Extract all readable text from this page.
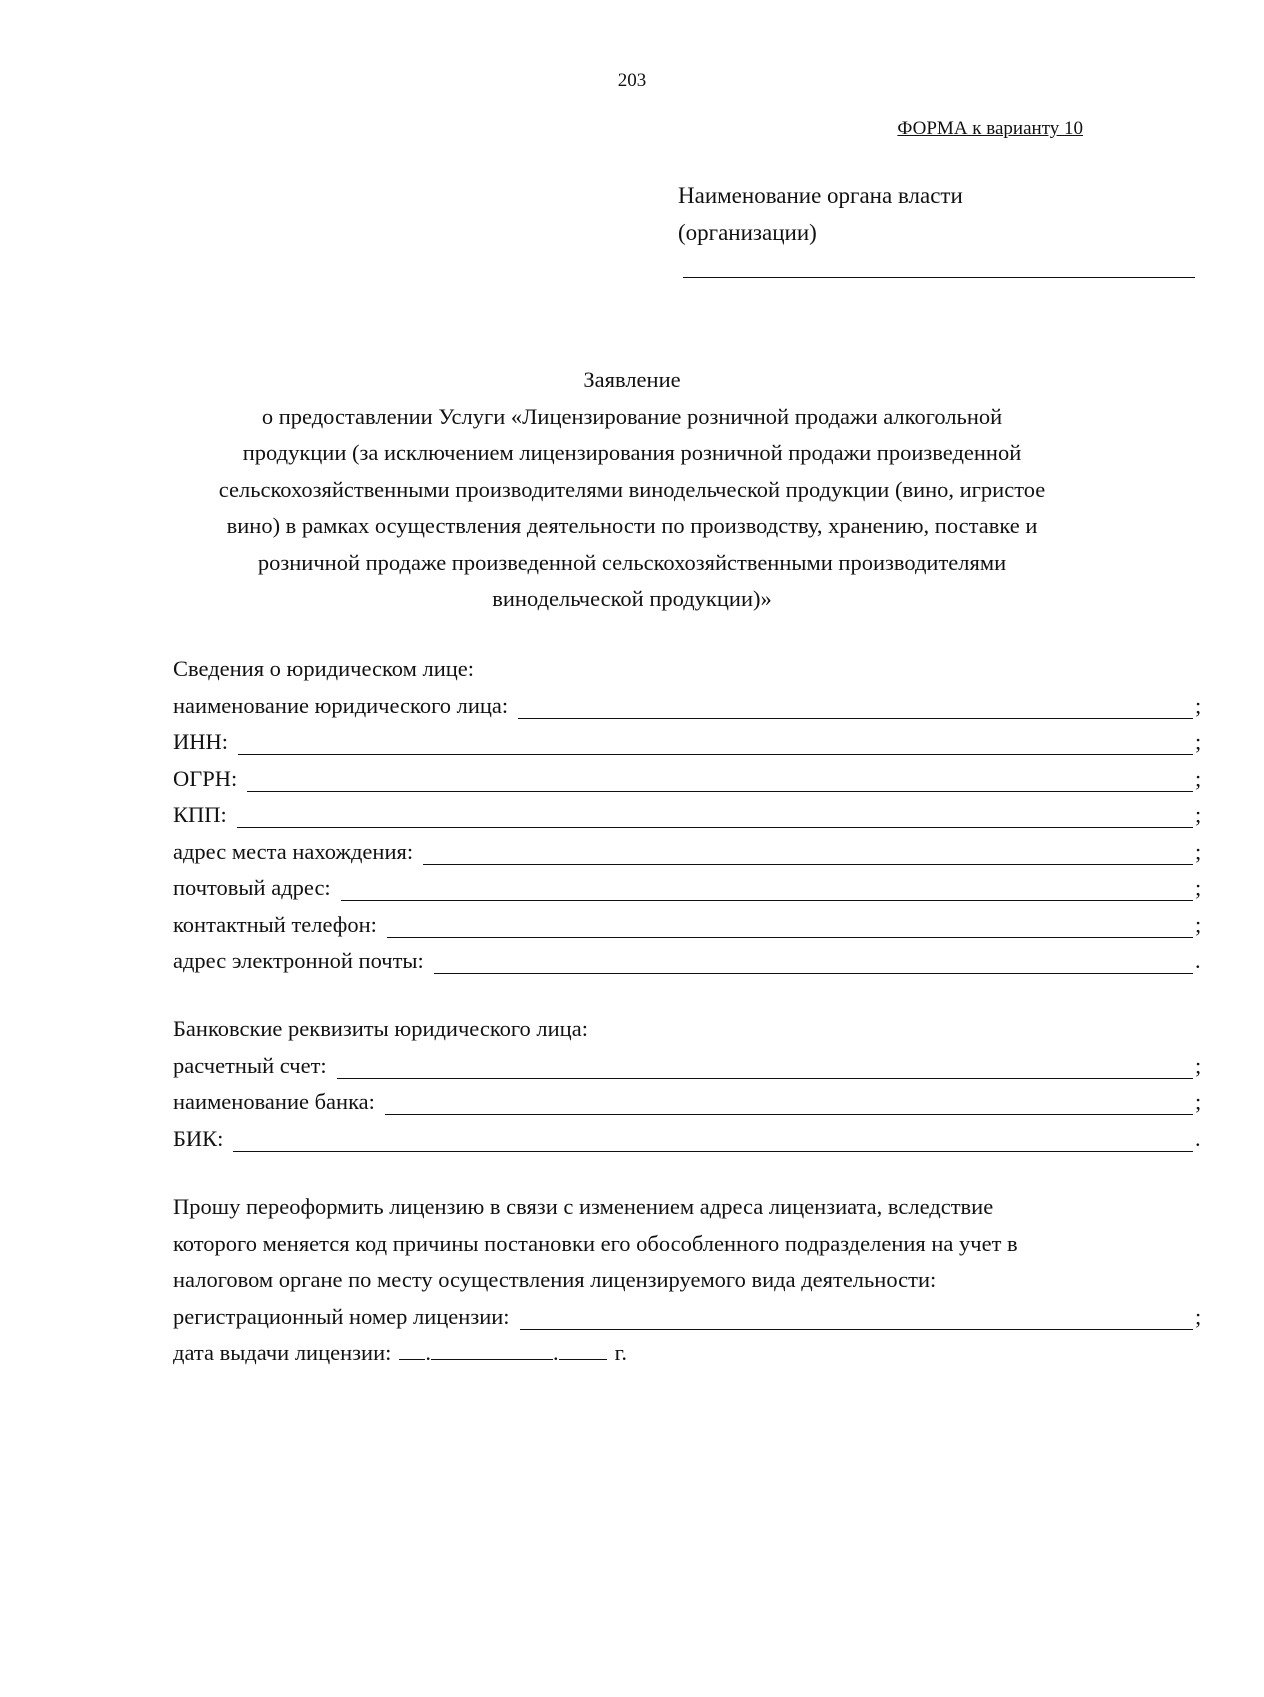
203
ФОРМА к варианту 10
Наименование органа власти
(организации)
Заявление
о предоставлении Услуги «Лицензирование розничной продажи алкогольной
продукции (за исключением лицензирования розничной продажи произведенной
сельскохозяйственными производителями винодельческой продукции (вино, игристое
вино) в рамках осуществления деятельности по производству, хранению, поставке и
розничной продаже произведенной сельскохозяйственными производителями
винодельческой продукции)»
Сведения о юридическом лице:
наименование юридического лица:	;
ИНН:	;
ОГРН:	;
КПП:	;
адрес места нахождения:	;
почтовый адрес:	;
контактный телефон:	;
адрес электронной почты:	.
Банковские реквизиты юридического лица:
расчетный счет:	;
наименование банка:	;
БИК:	.
Прошу переоформить лицензию в связи с изменением адреса лицензиата, вследствие
которого меняется код причины постановки его обособленного подразделения на учет в
налоговом органе по месту осуществления лицензируемого вида деятельности:
регистрационный номер лицензии:	;
дата выдачи лицензии: .	. г.
